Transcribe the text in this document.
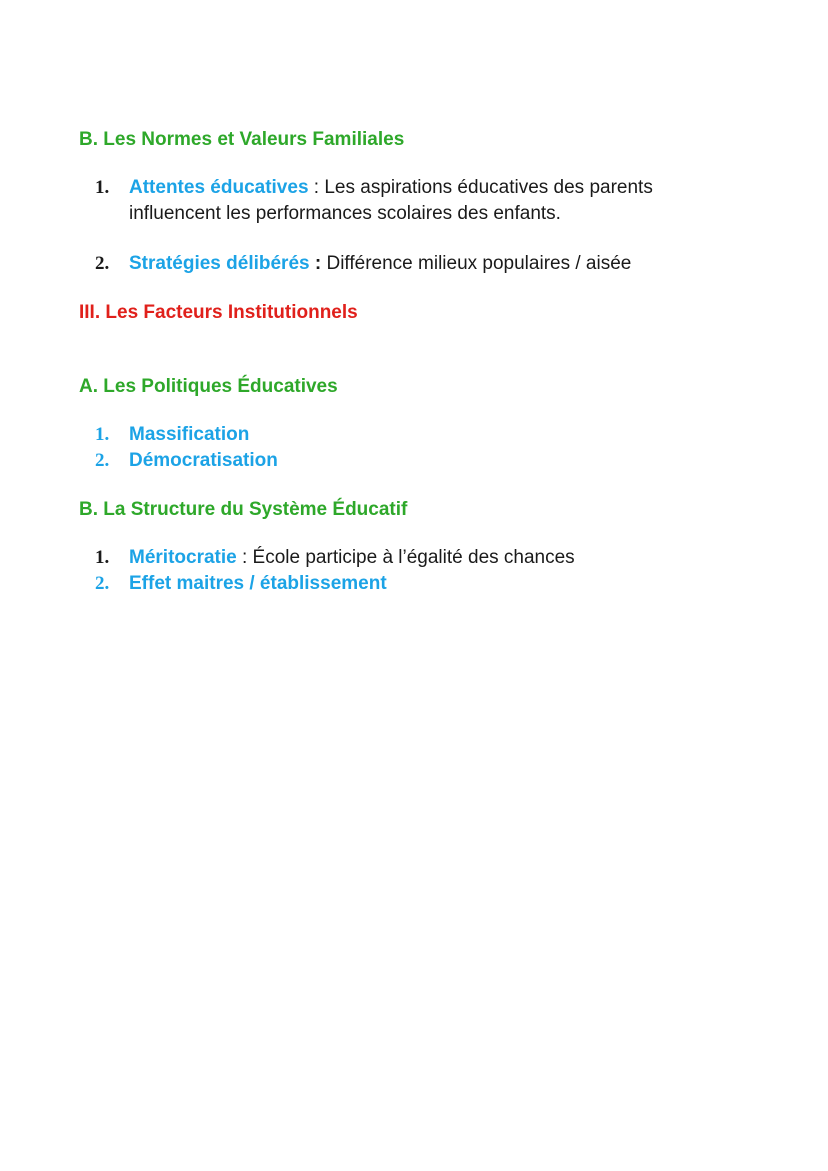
B. Les Normes et Valeurs Familiales
1.	Attentes éducatives : Les aspirations éducatives des parents influencent les performances scolaires des enfants.
2.	Stratégies délibérés : Différence milieux populaires / aisée
III. Les Facteurs Institutionnels
A. Les Politiques Éducatives
1.	Massification
2.	Démocratisation
B. La Structure du Système Éducatif
1.	Méritocratie : École participe à l’égalité des chances
2.	Effet maitres / établissement
